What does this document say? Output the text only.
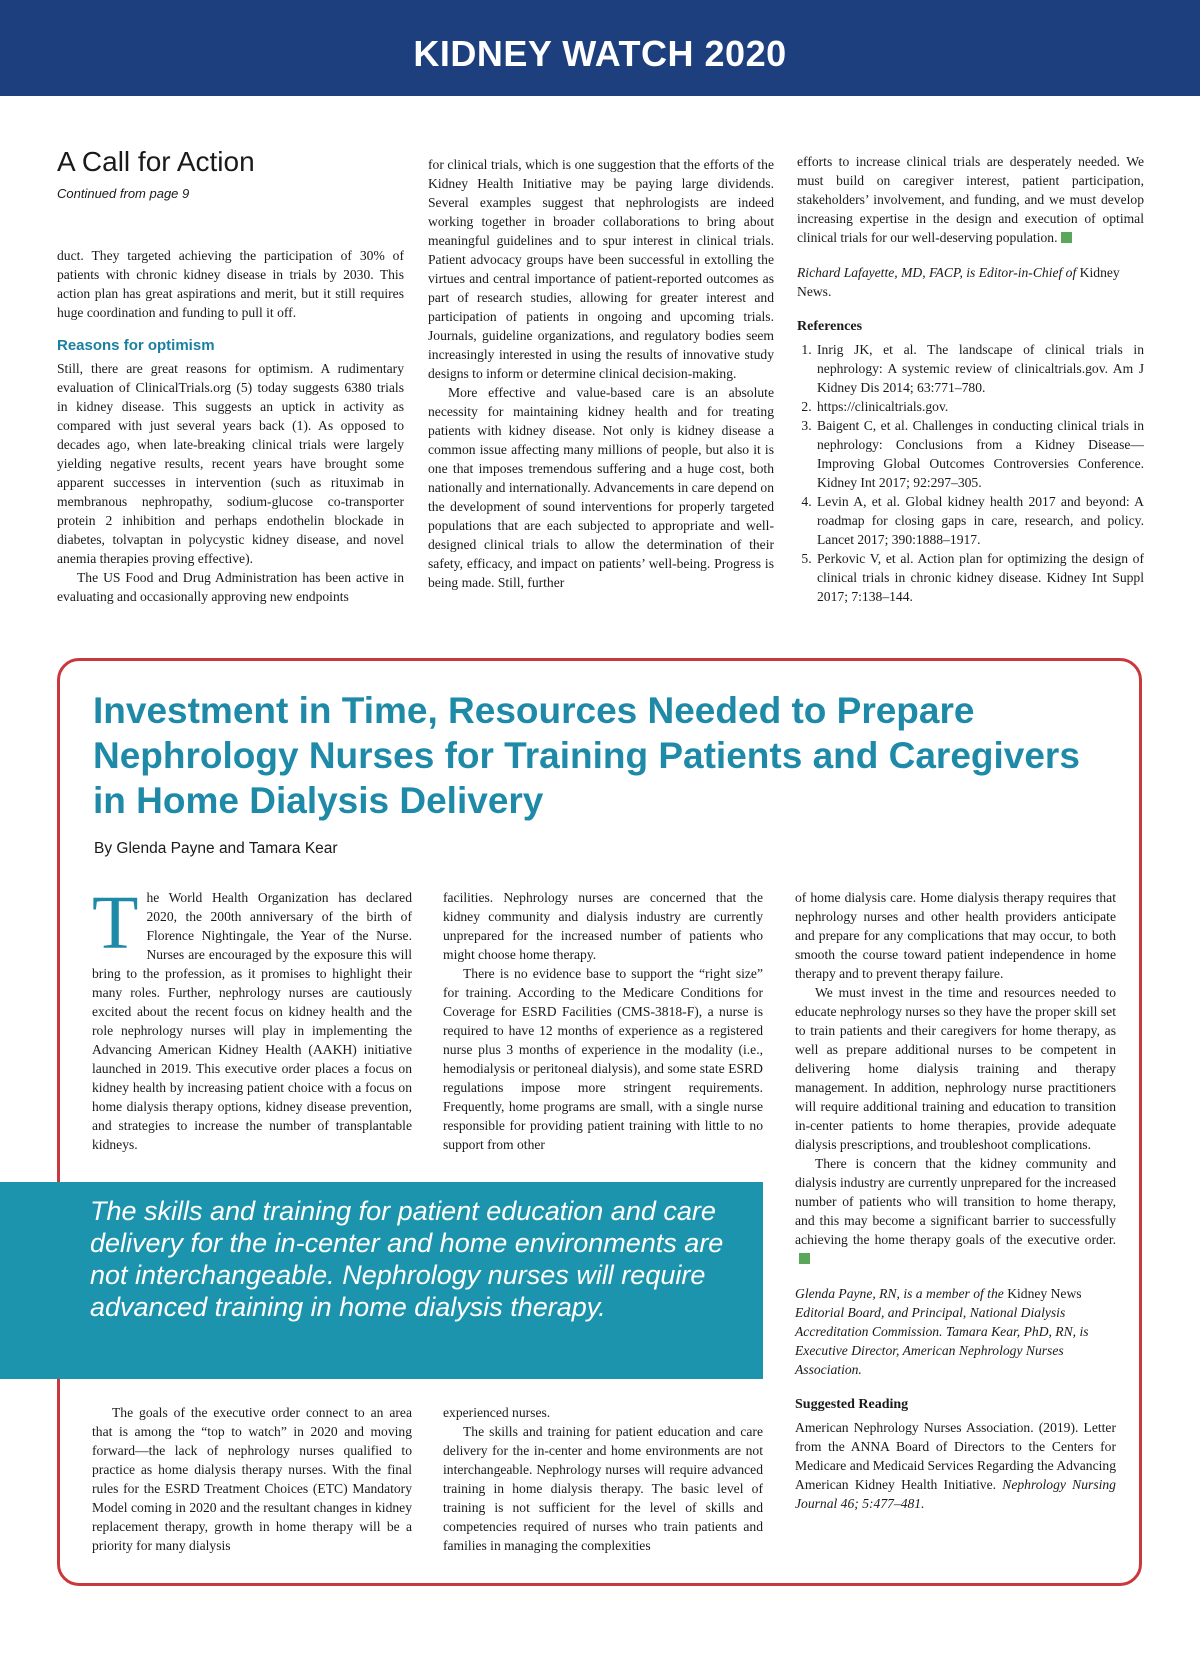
KIDNEY WATCH 2020
A Call for Action
Continued from page 9

duct. They targeted achieving the participation of 30% of patients with chronic kidney disease in trials by 2030. This action plan has great aspirations and merit, but it still requires huge coordination and funding to pull it off.

Reasons for optimism

Still, there are great reasons for optimism. A rudimentary evaluation of ClinicalTrials.org (5) today suggests 6380 trials in kidney disease. This suggests an uptick in activity as compared with just several years back (1). As opposed to decades ago, when late-breaking clinical trials were largely yielding negative results, recent years have brought some apparent successes in intervention (such as rituximab in membranous nephropathy, sodium-glucose co-transporter protein 2 inhibition and perhaps endothelin blockade in diabetes, tolvaptan in polycystic kidney disease, and novel anemia therapies proving effective).

The US Food and Drug Administration has been active in evaluating and occasionally approving new endpoints

for clinical trials, which is one suggestion that the efforts of the Kidney Health Initiative may be paying large dividends. Several examples suggest that nephrologists are indeed working together in broader collaborations to bring about meaningful guidelines and to spur interest in clinical trials. Patient advocacy groups have been successful in extolling the virtues and central importance of patient-reported outcomes as part of research studies, allowing for greater interest and participation of patients in ongoing and upcoming trials. Journals, guideline organizations, and regulatory bodies seem increasingly interested in using the results of innovative study designs to inform or determine clinical decision-making.

More effective and value-based care is an absolute necessity for maintaining kidney health and for treating patients with kidney disease. Not only is kidney disease a common issue affecting many millions of people, but also it is one that imposes tremendous suffering and a huge cost, both nationally and internationally. Advancements in care depend on the development of sound interventions for properly targeted populations that are each subjected to appropriate and well-designed clinical trials to allow the determination of their safety, efficacy, and impact on patients’ well-being. Progress is being made. Still, further

efforts to increase clinical trials are desperately needed. We must build on caregiver interest, patient participation, stakeholders’ involvement, and funding, and we must develop increasing expertise in the design and execution of optimal clinical trials for our well-deserving population.

Richard Lafayette, MD, FACP, is Editor-in-Chief of Kidney News.

References

1. Inrig JK, et al. The landscape of clinical trials in nephrology: A systemic review of clinicaltrials.gov. Am J Kidney Dis 2014; 63:771–780.
2. https://clinicaltrials.gov.
3. Baigent C, et al. Challenges in conducting clinical trials in nephrology: Conclusions from a Kidney Disease—Improving Global Outcomes Controversies Conference. Kidney Int 2017; 92:297–305.
4. Levin A, et al. Global kidney health 2017 and beyond: A roadmap for closing gaps in care, research, and policy. Lancet 2017; 390:1888–1917.
5. Perkovic V, et al. Action plan for optimizing the design of clinical trials in chronic kidney disease. Kidney Int Suppl 2017; 7:138–144.
Investment in Time, Resources Needed to Prepare Nephrology Nurses for Training Patients and Caregivers in Home Dialysis Delivery
By Glenda Payne and Tamara Kear

The World Health Organization has declared 2020, the 200th anniversary of the birth of Florence Nightingale, the Year of the Nurse. Nurses are encouraged by the exposure this will bring to the profession, as it promises to highlight their many roles. Further, nephrology nurses are cautiously excited about the recent focus on kidney health and the role nephrology nurses will play in implementing the Advancing American Kidney Health (AAKH) initiative launched in 2019. This executive order places a focus on kidney health by increasing patient choice with a focus on home dialysis therapy options, kidney disease prevention, and strategies to increase the number of transplantable kidneys.

facilities. Nephrology nurses are concerned that the kidney community and dialysis industry are currently unprepared for the increased number of patients who might choose home therapy.

There is no evidence base to support the “right size” for training. According to the Medicare Conditions for Coverage for ESRD Facilities (CMS-3818-F), a nurse is required to have 12 months of experience as a registered nurse plus 3 months of experience in the modality (i.e., hemodialysis or peritoneal dialysis), and some state ESRD regulations impose more stringent requirements. Frequently, home programs are small, with a single nurse responsible for providing patient training with little to no support from other

The skills and training for patient education and care delivery for the in-center and home environments are not interchangeable. Nephrology nurses will require advanced training in home dialysis therapy.

The goals of the executive order connect to an area that is among the “top to watch” in 2020 and moving forward—the lack of nephrology nurses qualified to practice as home dialysis therapy nurses. With the final rules for the ESRD Treatment Choices (ETC) Mandatory Model coming in 2020 and the resultant changes in kidney replacement therapy, growth in home therapy will be a priority for many dialysis

experienced nurses.

The skills and training for patient education and care delivery for the in-center and home environments are not interchangeable. Nephrology nurses will require advanced training in home dialysis therapy. The basic level of training is not sufficient for the level of skills and competencies required of nurses who train patients and families in managing the complexities

of home dialysis care. Home dialysis therapy requires that nephrology nurses and other health providers anticipate and prepare for any complications that may occur, to both smooth the course toward patient independence in home therapy and to prevent therapy failure.

We must invest in the time and resources needed to educate nephrology nurses so they have the proper skill set to train patients and their caregivers for home therapy, as well as prepare additional nurses to be competent in delivering home dialysis training and therapy management. In addition, nephrology nurse practitioners will require additional training and education to transition in-center patients to home therapies, provide adequate dialysis prescriptions, and troubleshoot complications.

There is concern that the kidney community and dialysis industry are currently unprepared for the increased number of patients who will transition to home therapy, and this may become a significant barrier to successfully achieving the home therapy goals of the executive order.

Glenda Payne, RN, is a member of the Kidney News Editorial Board, and Principal, National Dialysis Accreditation Commission. Tamara Kear, PhD, RN, is Executive Director, American Nephrology Nurses Association.

Suggested Reading

American Nephrology Nurses Association. (2019). Letter from the ANNA Board of Directors to the Centers for Medicare and Medicaid Services Regarding the Advancing American Kidney Health Initiative. Nephrology Nursing Journal 46; 5:477–481.
